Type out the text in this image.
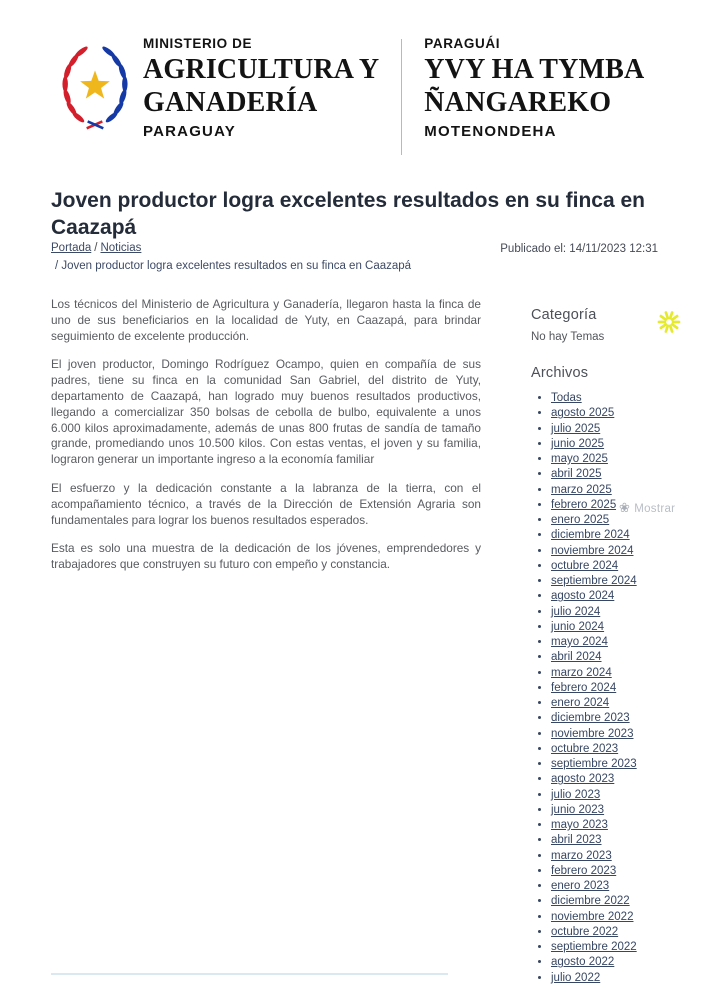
MINISTERIO DE
AGRICULTURA Y
GANADERÍA
PARAGUAY
PARAGUÁI
YVY HA TYMBA
ÑANGAREKO
MOTENONDEHA
Joven productor logra excelentes resultados en su finca en Caazapá
Portada / Noticias
/ Joven productor logra excelentes resultados en su finca en Caazapá
Publicado el: 14/11/2023 12:31

Los técnicos del Ministerio de Agricultura y Ganadería, llegaron hasta la finca de uno de sus beneficiarios en la localidad de Yuty, en Caazapá, para brindar seguimiento de excelente producción.

El joven productor, Domingo Rodríguez Ocampo, quien en compañía de sus padres, tiene su finca en la comunidad San Gabriel, del distrito de Yuty, departamento de Caazapá, han logrado muy buenos resultados productivos, llegando a comercializar 350 bolsas de cebolla de bulbo, equivalente a unos 6.000 kilos aproximadamente, además de unas 800 frutas de sandía de tamaño grande, promediando unos 10.500 kilos. Con estas ventas, el joven y su familia, lograron generar un importante ingreso a la economía familiar

El esfuerzo y la dedicación constante a la labranza de la tierra, con el acompañamiento técnico, a través de la Dirección de Extensión Agraria son fundamentales para lograr los buenos resultados esperados.

Esta es solo una muestra de la dedicación de los jóvenes, emprendedores y trabajadores que construyen su futuro con empeño y constancia.

Categoría
No hay Temas
Archivos
• Todas
• agosto 2025
• julio 2025
• junio 2025
• mayo 2025
• abril 2025
• marzo 2025
• febrero 2025
• enero 2025
• diciembre 2024
• noviembre 2024
• octubre 2024
• septiembre 2024
• agosto 2024
• julio 2024
• junio 2024
• mayo 2024
• abril 2024
• marzo 2024
• febrero 2024
• enero 2024
• diciembre 2023
• noviembre 2023
• octubre 2023
• septiembre 2023
• agosto 2023
• julio 2023
• junio 2023
• mayo 2023
• abril 2023
• marzo 2023
• febrero 2023
• enero 2023
• diciembre 2022
• noviembre 2022
• octubre 2022
• septiembre 2022
• agosto 2022
• julio 2022
❀ Mostrar
